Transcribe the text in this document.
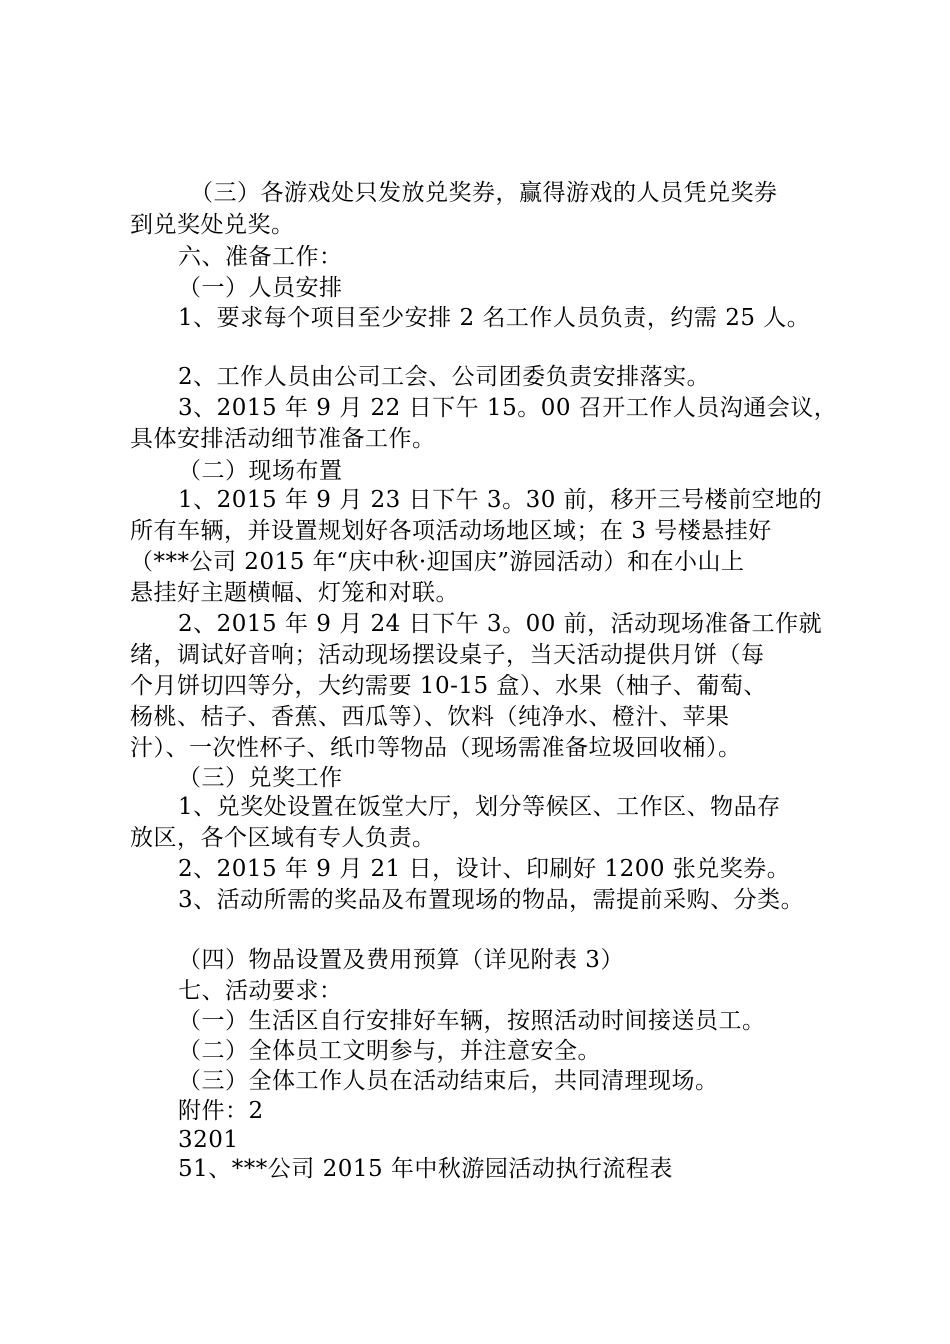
（三）各游戏处只发放兑奖券，赢得游戏的人员凭兑奖券
到兑奖处兑奖。
六、准备工作：
（一）人员安排
1、要求每个项目至少安排 2 名工作人员负责，约需 25 人。
2、工作人员由公司工会、公司团委负责安排落实。
3、2015 年 9 月 22 日下午 15。00 召开工作人员沟通会议，
具体安排活动细节准备工作。
（二）现场布置
1、2015 年 9 月 23 日下午 3。30 前，移开三号楼前空地的
所有车辆，并设置规划好各项活动场地区域；在 3 号楼悬挂好
（***公司 2015 年“庆中秋·迎国庆”游园活动）和在小山上
悬挂好主题横幅、灯笼和对联。
2、2015 年 9 月 24 日下午 3。00 前，活动现场准备工作就
绪，调试好音响；活动现场摆设桌子，当天活动提供月饼（每
个月饼切四等分，大约需要 10-15 盒）、水果（柚子、葡萄、
杨桃、桔子、香蕉、西瓜等）、饮料（纯净水、橙汁、苹果
汁）、一次性杯子、纸巾等物品（现场需准备垃圾回收桶）。
（三）兑奖工作
1、兑奖处设置在饭堂大厅，划分等候区、工作区、物品存
放区，各个区域有专人负责。
2、2015 年 9 月 21 日，设计、印刷好 1200 张兑奖券。
3、活动所需的奖品及布置现场的物品，需提前采购、分类。
（四）物品设置及费用预算（详见附表 3）
七、活动要求：
（一）生活区自行安排好车辆，按照活动时间接送员工。
（二）全体员工文明参与，并注意安全。
（三）全体工作人员在活动结束后，共同清理现场。
附件：2
3201
51、***公司 2015 年中秋游园活动执行流程表
